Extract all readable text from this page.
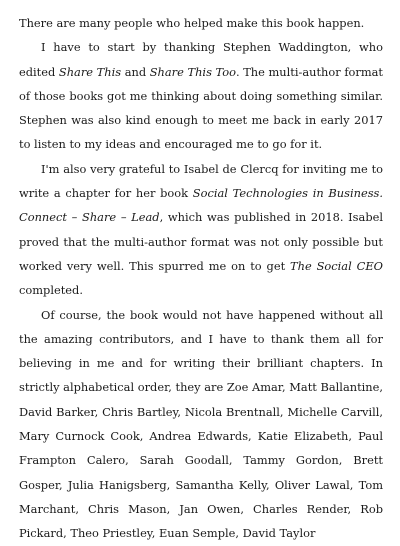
There are many people who helped make this book happen.

I have to start by thanking Stephen Waddington, who edited Share This and Share This Too. The multi-author format of those books got me thinking about doing something similar. Stephen was also kind enough to meet me back in early 2017 to listen to my ideas and encouraged me to go for it.

I'm also very grateful to Isabel de Clercq for inviting me to write a chapter for her book Social Technologies in Business. Connect – Share – Lead, which was published in 2018. Isabel proved that the multi-author format was not only possible but worked very well. This spurred me on to get The Social CEO completed.

Of course, the book would not have happened without all the amazing contributors, and I have to thank them all for believing in me and for writing their brilliant chapters. In strictly alphabetical order, they are Zoe Amar, Matt Ballantine, David Barker, Chris Bartley, Nicola Brentnall, Michelle Carvill, Mary Curnock Cook, Andrea Edwards, Katie Elizabeth, Paul Frampton Calero, Sarah Goodall, Tammy Gordon, Brett Gosper, Julia Hanigsberg, Samantha Kelly, Oliver Lawal, Tom Marchant, Chris Mason, Jan Owen, Charles Render, Rob Pickard, Theo Priestley, Euan Semple, David Taylor
